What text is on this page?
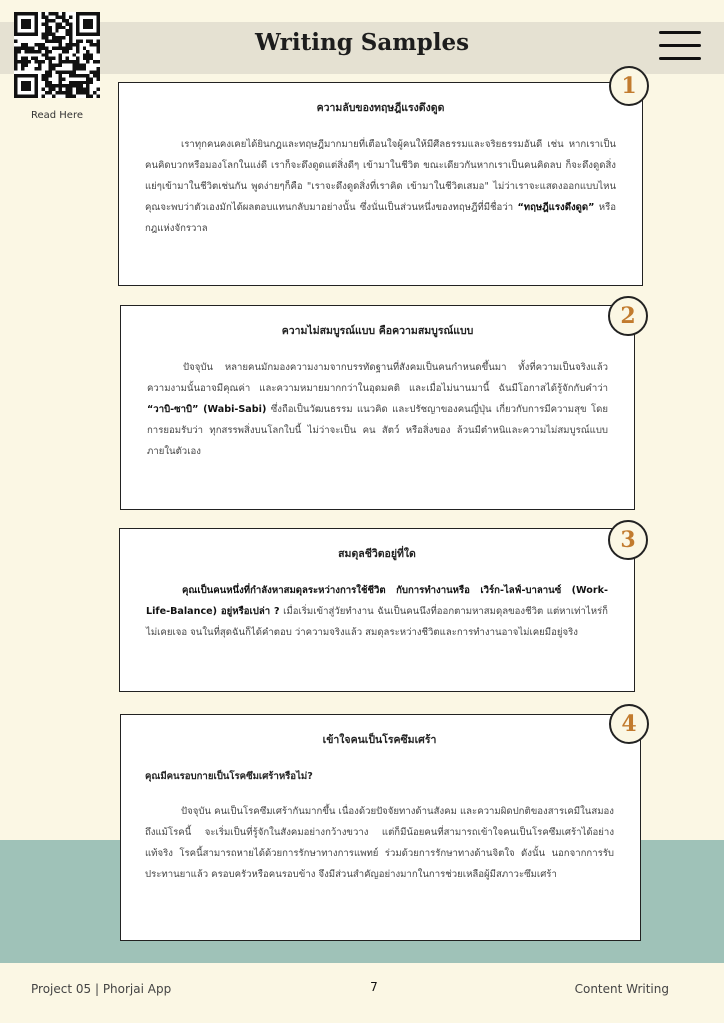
Read Here
Writing Samples
ความลับของทฤษฎีแรงดึงดูด

เราทุกคนคงเคยได้ยินกฎและทฤษฎีมากมายที่เตือนใจผู้คนให้มีศีลธรรมและจริยธรรมอันดี เช่น หากเราเป็นคนคิดบวกหรือมองโลกในแง่ดี เราก็จะดึงดูดแต่สิ่งดีๆ เข้ามาในชีวิต ขณะเดียวกันหากเราเป็นคนคิดลบ ก็จะดึงดูดสิ่งแย่ๆเข้ามาในชีวิตเช่นกัน พูดง่ายๆก็คือ "เราจะดึงดูดสิ่งที่เราคิด เข้ามาในชีวิตเสมอ" ไม่ว่าเราจะแสดงออกแบบไหนคุณจะพบว่าตัวเองมักได้ผลตอบแทนกลับมาอย่างนั้น ซึ่งนั่นเป็นส่วนหนึ่งของทฤษฎีที่มีชื่อว่า “ทฤษฎีแรงดึงดูด” หรือกฎแห่งจักรวาล

1
ความไม่สมบูรณ์แบบ คือความสมบูรณ์แบบ

ปัจจุบัน หลายคนมักมองความงามจากบรรทัดฐานที่สังคมเป็นคนกำหนดขึ้นมา ทั้งที่ความเป็นจริงแล้ว ความงามนั้นอาจมีคุณค่า และความหมายมากกว่าในอุดมคติ และเมื่อไม่นานมานี้ ฉันมีโอกาสได้รู้จักกับคำว่า “วาบิ-ซาบิ” (Wabi-Sabi) ซึ่งถือเป็นวัฒนธรรม แนวคิด และปรัชญาของคนญี่ปุ่น เกี่ยวกับการมีความสุข โดยการยอมรับว่า ทุกสรรพสิ่งบนโลกใบนี้ ไม่ว่าจะเป็น คน สัตว์ หรือสิ่งของ ล้วนมีตำหนิและความไม่สมบูรณ์แบบภายในตัวเอง

2
สมดุลชีวิตอยู่ที่ใด

คุณเป็นคนหนึ่งที่กำลังหาสมดุลระหว่างการใช้ชีวิต กับการทำงานหรือ เวิร์ก-ไลฟ์-บาลานซ์ (Work- Life-Balance) อยู่หรือเปล่า ? เมื่อเริ่มเข้าสู่วัยทำงาน ฉันเป็นคนนึงที่ออกตามหาสมดุลของชีวิต แต่หาเท่าไหร่ก็ไม่เคยเจอ จนในที่สุดฉันก็ได้คำตอบ ว่าความจริงแล้ว สมดุลระหว่างชีวิตและการทำงานอาจไม่เคยมีอยู่จริง

3
เข้าใจคนเป็นโรคซึมเศร้า

คุณมีคนรอบกายเป็นโรคซึมเศร้าหรือไม่?

ปัจจุบัน คนเป็นโรคซึมเศร้ากันมากขึ้น เนื่องด้วยปัจจัยทางด้านสังคม และความผิดปกติของสารเคมีในสมอง ถึงแม้โรคนี้ จะเริ่มเป็นที่รู้จักในสังคมอย่างกว้างขวาง แต่ก็มีน้อยคนที่สามารถเข้าใจคนเป็นโรคซึมเศร้าได้อย่างแท้จริง โรคนี้สามารถหายได้ด้วยการรักษาทางการแพทย์ ร่วมด้วยการรักษาทางด้านจิตใจ ดังนั้น นอกจากการรับประทานยาแล้ว ครอบครัวหรือคนรอบข้าง จึงมีส่วนสำคัญอย่างมากในการช่วยเหลือผู้มีสภาวะซึมเศร้า

4
Project 05 | Phorjai App	7	Content Writing
